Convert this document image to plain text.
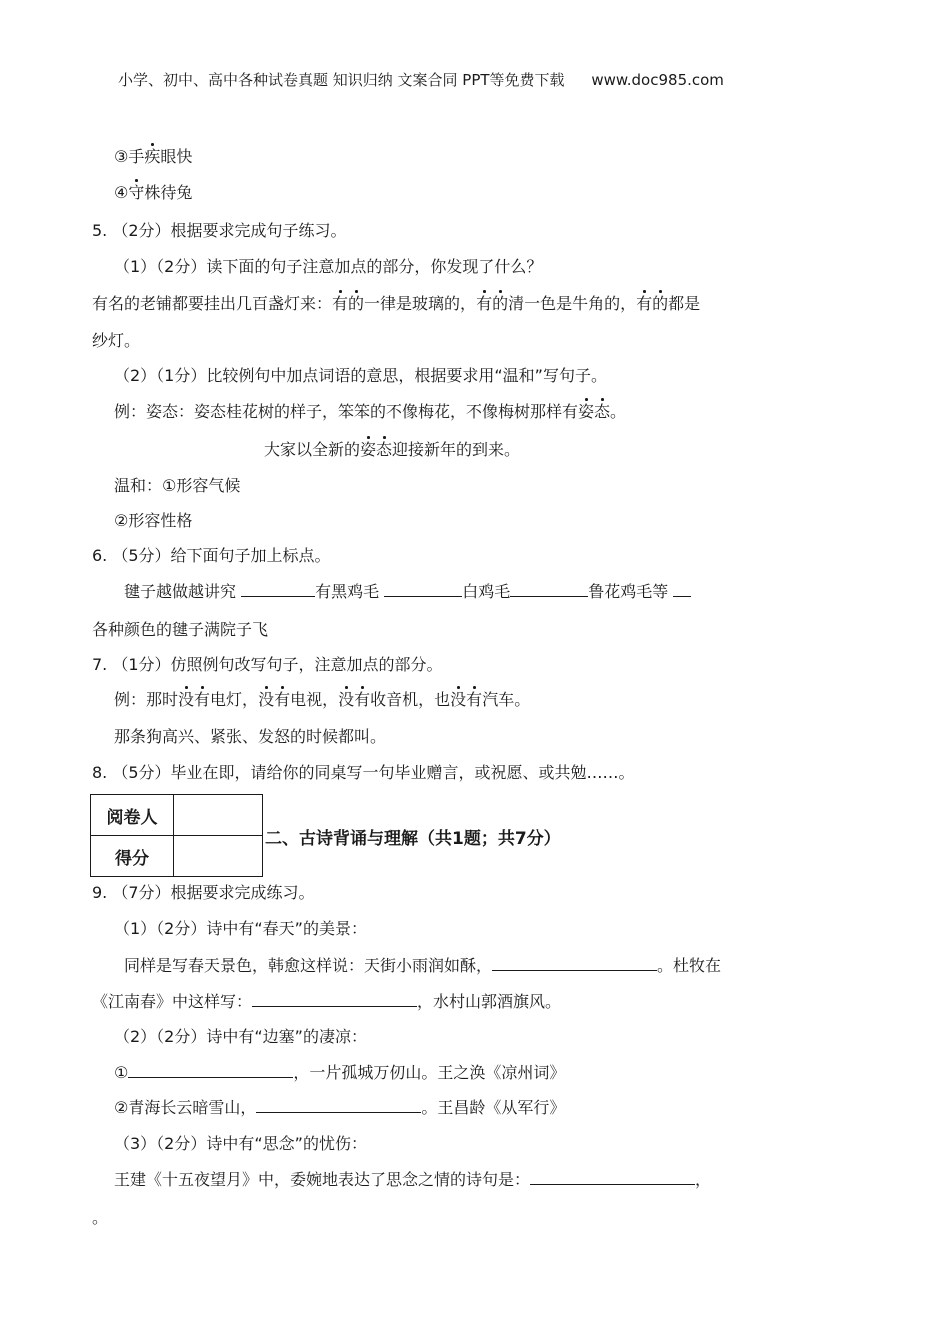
小学、初中、高中各种试卷真题 知识归纳 文案合同 PPT等免费下载 www.doc985.com
③手疾眼快
④守株待兔
5. （2分）根据要求完成句子练习。
（1）（2分）读下面的句子注意加点的部分，你发现了什么？
有名的老铺都要挂出几百盏灯来：有的一律是玻璃的，有的清一色是牛角的，有的都是
纱灯。
（2）（1分）比较例句中加点词语的意思，根据要求用“温和”写句子。
例：姿态：姿态桂花树的样子，笨笨的不像梅花，不像梅树那样有姿态。
大家以全新的姿态迎接新年的到来。
温和：①形容气候
②形容性格
6. （5分）给下面句子加上标点。
毽子越做越讲究	有黑鸡毛	白鸡毛	鲁花鸡毛等
各种颜色的毽子满院子飞
7. （1分）仿照例句改写句子，注意加点的部分。
例：那时没有电灯，没有电视，没有收音机，也没有汽车。
那条狗高兴、紧张、发怒的时候都叫。
8. （5分）毕业在即，请给你的同桌写一句毕业赠言，或祝愿、或共勉……。
阅卷人	
得分	
二、古诗背诵与理解（共1题；共7分）
9. （7分）根据要求完成练习。
（1）（2分）诗中有“春天”的美景：
同样是写春天景色，韩愈这样说：天街小雨润如酥，	。杜牧在
《江南春》中这样写：	，水村山郭酒旗风。
（2）（2分）诗中有“边塞”的凄凉：
①	，一片孤城万仞山。王之涣《凉州词》
②青海长云暗雪山，	。王昌龄《从军行》
（3）（2分）诗中有“思念”的忧伤：
王建《十五夜望月》中，委婉地表达了思念之情的诗句是：	，
。
